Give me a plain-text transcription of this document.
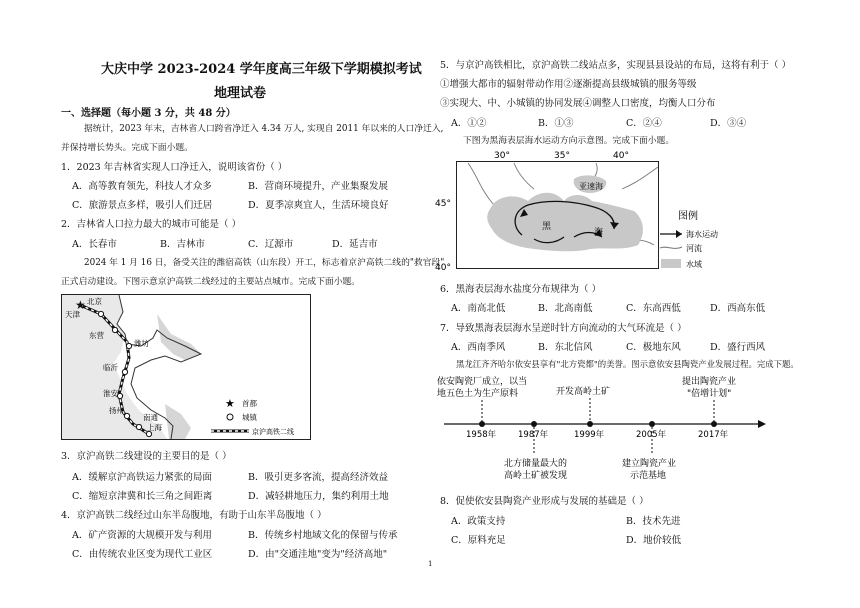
大庆中学 2023-2024 学年度高三年级下学期模拟考试
地理试卷
一、选择题（每小题 3 分，共 48 分）
据统计，2023 年末，吉林省人口跨省净迁入 4.34 万人, 实现自 2011 年以来的人口净迁入,
并保持增长势头。完成下面小题。
1．2023 年吉林省实现人口净迁入，说明该省份（ ）
A．高等教育领先，科技人才众多	B．营商环境提升，产业集聚发展
C．旅游景点多样，吸引人们迁居	D．夏季凉爽宜人，生活环境良好
2．吉林省人口拉力最大的城市可能是（ ）
A．长春市	B．吉林市	C．辽源市	D．延吉市
2024 年 1 月 16 日，备受关注的潍宿高铁（山东段）开工，标志着京沪高铁二线的"救官段"
正式启动建设。下图示意京沪高铁二线经过的主要站点城市。完成下面小题。
★ 北京
天津
东营
潍坊
临沂
淮安
扬州
南通
上海
★ 首都
城镇
京沪高铁二线
3．京沪高铁二线建设的主要目的是（ ）
A．缓解京沪高铁运力紧张的局面	B．吸引更多客流，提高经济效益
C．缩短京津冀和长三角之间距离	D．减轻耕地压力，集约利用土地
4．京沪高铁二线经过山东半岛腹地，有助于山东半岛腹地（ ）
A．矿产资源的大规模开发与利用	B．传统乡村地域文化的保留与传承
C．由传统农业区变为现代工业区	D．由"交通洼地"变为"经济高地"
5．与京沪高铁相比，京沪高铁二线站点多，实现县县设站的布局，这将有利于（ ）
①增强大都市的辐射带动作用②逐渐提高县级城镇的服务等级
③实现大、中、小城镇的协同发展④调整人口密度，均衡人口分布
A．①②	B．①③	C．②④	D．③④
下图为黑海表层海水运动方向示意图。完成下面小题。
30°	35°	40°
45°
40°
亚速海
黑
海
图例
海水运动
河流
水域
6．黑海表层海水盐度分布规律为（ ）
A．南高北低	B．北高南低	C．东高西低	D．西高东低
7．导致黑海表层海水呈逆时针方向流动的大气环流是（ ）
A．西南季风	B．东北信风	C．极地东风	D．盛行西风
黑龙江齐齐哈尔依安县享有"北方瓷都"的美誉。图示意依安县陶瓷产业发展过程。完成下题。
依安陶瓷厂成立，以当
地五色土为生产原料	开发高岭土矿
提出陶瓷产业
"倍增计划"
1958年	1987年	1999年	2005年	2017年
北方储量最大的
高岭土矿被发现
建立陶瓷产业
示范基地
8．促使依安县陶瓷产业形成与发展的基础是（ ）
A．政策支持	B．技术先进
C．原料充足	D．地价较低
1
